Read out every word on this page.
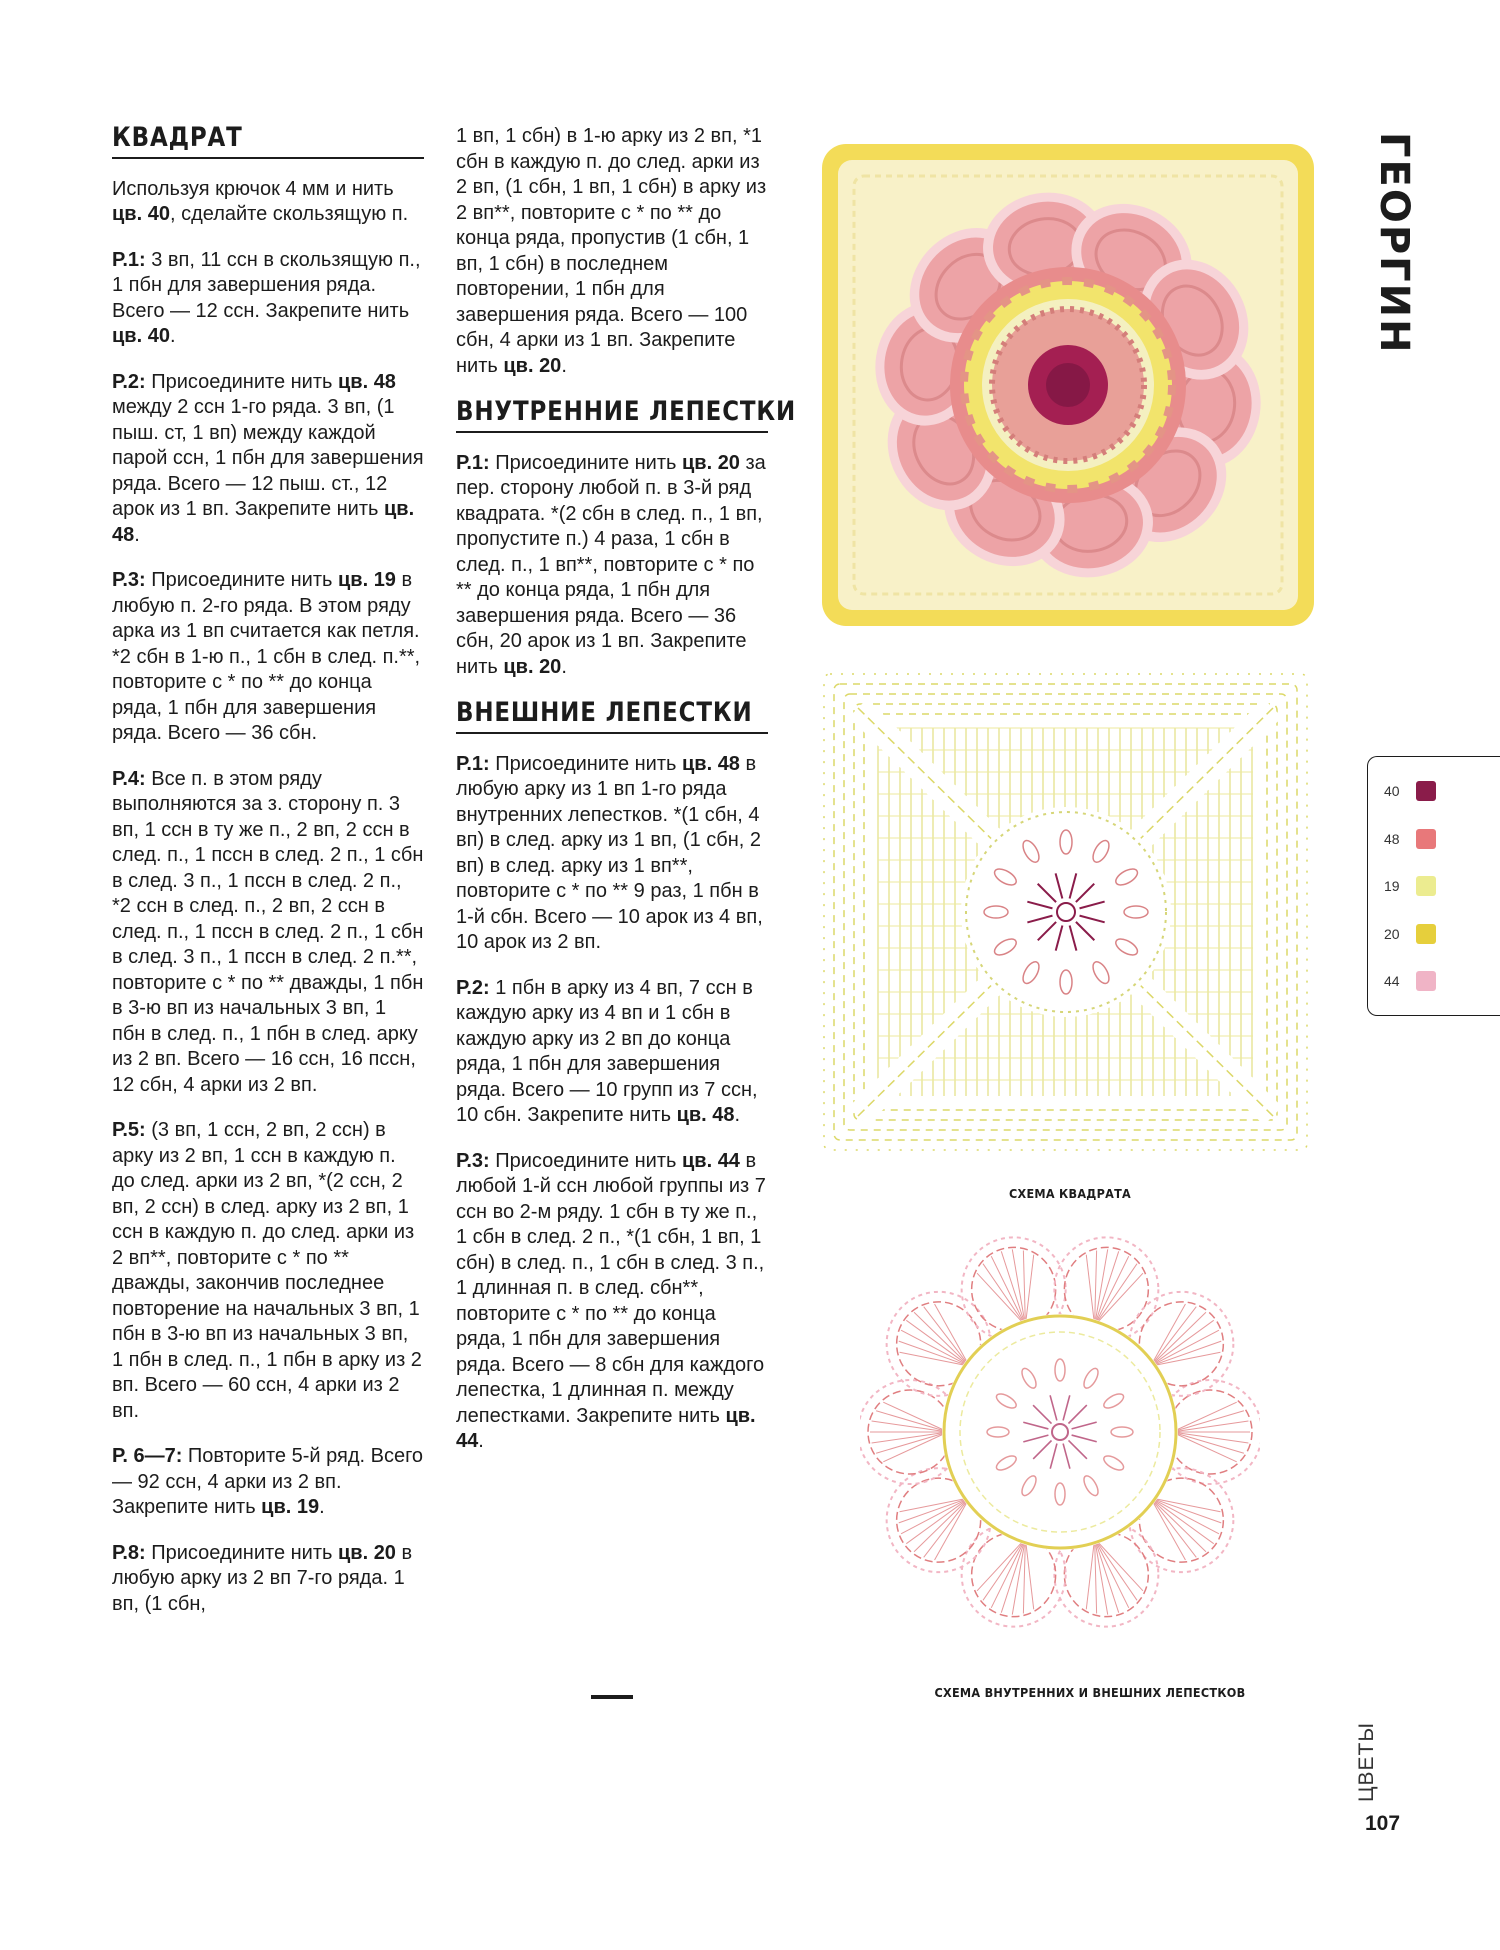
КВАДРАТ

Используя крючок 4 мм и нить цв. 40, сделайте скользящую п.

Р.1: 3 вп, 11 ссн в скользящую п., 1 пбн для завершения ряда. Всего — 12 ссн. Закрепите нить цв. 40.

Р.2: Присоедините нить цв. 48 между 2 ссн 1-го ряда. 3 вп, (1 пыш. ст, 1 вп) между каждой парой ссн, 1 пбн для завершения ряда. Всего — 12 пыш. ст., 12 арок из 1 вп. Закрепите нить цв. 48.

Р.3: Присоедините нить цв. 19 в любую п. 2-го ряда. В этом ряду арка из 1 вп считается как петля. *2 сбн в 1-ю п., 1 сбн в след. п.**, повторите с * по ** до конца ряда, 1 пбн для завершения ряда. Всего — 36 сбн.

Р.4: Все п. в этом ряду выполняются за з. сторону п. 3 вп, 1 ссн в ту же п., 2 вп, 2 ссн в след. п., 1 пссн в след. 2 п., 1 сбн в след. 3 п., 1 пссн в след. 2 п., *2 ссн в след. п., 2 вп, 2 ссн в след. п., 1 пссн в след. 2 п., 1 сбн в след. 3 п., 1 пссн в след. 2 п.**, повторите с * по ** дважды, 1 пбн в 3-ю вп из начальных 3 вп, 1 пбн в след. п., 1 пбн в след. арку из 2 вп. Всего — 16 ссн, 16 пссн, 12 сбн, 4 арки из 2 вп.

Р.5: (3 вп, 1 ссн, 2 вп, 2 ссн) в арку из 2 вп, 1 ссн в каждую п. до след. арки из 2 вп, *(2 ссн, 2 вп, 2 ссн) в след. арку из 2 вп, 1 ссн в каждую п. до след. арки из 2 вп**, повторите с * по ** дважды, закончив последнее повторение на начальных 3 вп, 1 пбн в 3-ю вп из начальных 3 вп, 1 пбн в след. п., 1 пбн в арку из 2 вп. Всего — 60 ссн, 4 арки из 2 вп.

Р. 6—7: Повторите 5-й ряд. Всего — 92 ссн, 4 арки из 2 вп. Закрепите нить цв. 19.

Р.8: Присоедините нить цв. 20 в любую арку из 2 вп 7-го ряда. 1 вп, (1 сбн,

1 вп, 1 сбн) в 1-ю арку из 2 вп, *1 сбн в каждую п. до след. арки из 2 вп, (1 сбн, 1 вп, 1 сбн) в арку из 2 вп**, повторите с * по ** до конца ряда, пропустив (1 сбн, 1 вп, 1 сбн) в последнем повторении, 1 пбн для завершения ряда. Всего — 100 сбн, 4 арки из 1 вп. Закрепите нить цв. 20.

ВНУТРЕННИЕ ЛЕПЕСТКИ

Р.1: Присоедините нить цв. 20 за пер. сторону любой п. в 3-й ряд квадрата. *(2 сбн в след. п., 1 вп, пропустите п.) 4 раза, 1 сбн в след. п., 1 вп**, повторите с * по ** до конца ряда, 1 пбн для завершения ряда. Всего — 36 сбн, 20 арок из 1 вп. Закрепите нить цв. 20.

ВНЕШНИЕ ЛЕПЕСТКИ

Р.1: Присоедините нить цв. 48 в любую арку из 1 вп 1-го ряда внутренних лепестков. *(1 сбн, 4 вп) в след. арку из 1 вп, (1 сбн, 2 вп) в след. арку из 1 вп**, повторите с * по ** 9 раз, 1 пбн в 1-й сбн. Всего — 10 арок из 4 вп, 10 арок из 2 вп.

Р.2: 1 пбн в арку из 4 вп, 7 ссн в каждую арку из 4 вп и 1 сбн в каждую арку из 2 вп до конца ряда, 1 пбн для завершения ряда. Всего — 10 групп из 7 ссн, 10 сбн. Закрепите нить цв. 48.

Р.3: Присоедините нить цв. 44 в любой 1-й ссн любой группы из 7 ссн во 2-м ряду. 1 сбн в ту же п., 1 сбн в след. 2 п., *(1 сбн, 1 вп, 1 сбн) в след. п., 1 сбн в след. 3 п., 1 длинная п. в след. сбн**, повторите с * по ** до конца ряда, 1 пбн для завершения ряда. Всего — 8 сбн для каждого лепестка, 1 длинная п. между лепестками. Закрепите нить цв. 44.

СХЕМА КВАДРАТА
СХЕМА ВНУТРЕННИХ И ВНЕШНИХ ЛЕПЕСТКОВ
ГЕОРГИН
40
48
19
20
44
ЦВЕТЫ
107
